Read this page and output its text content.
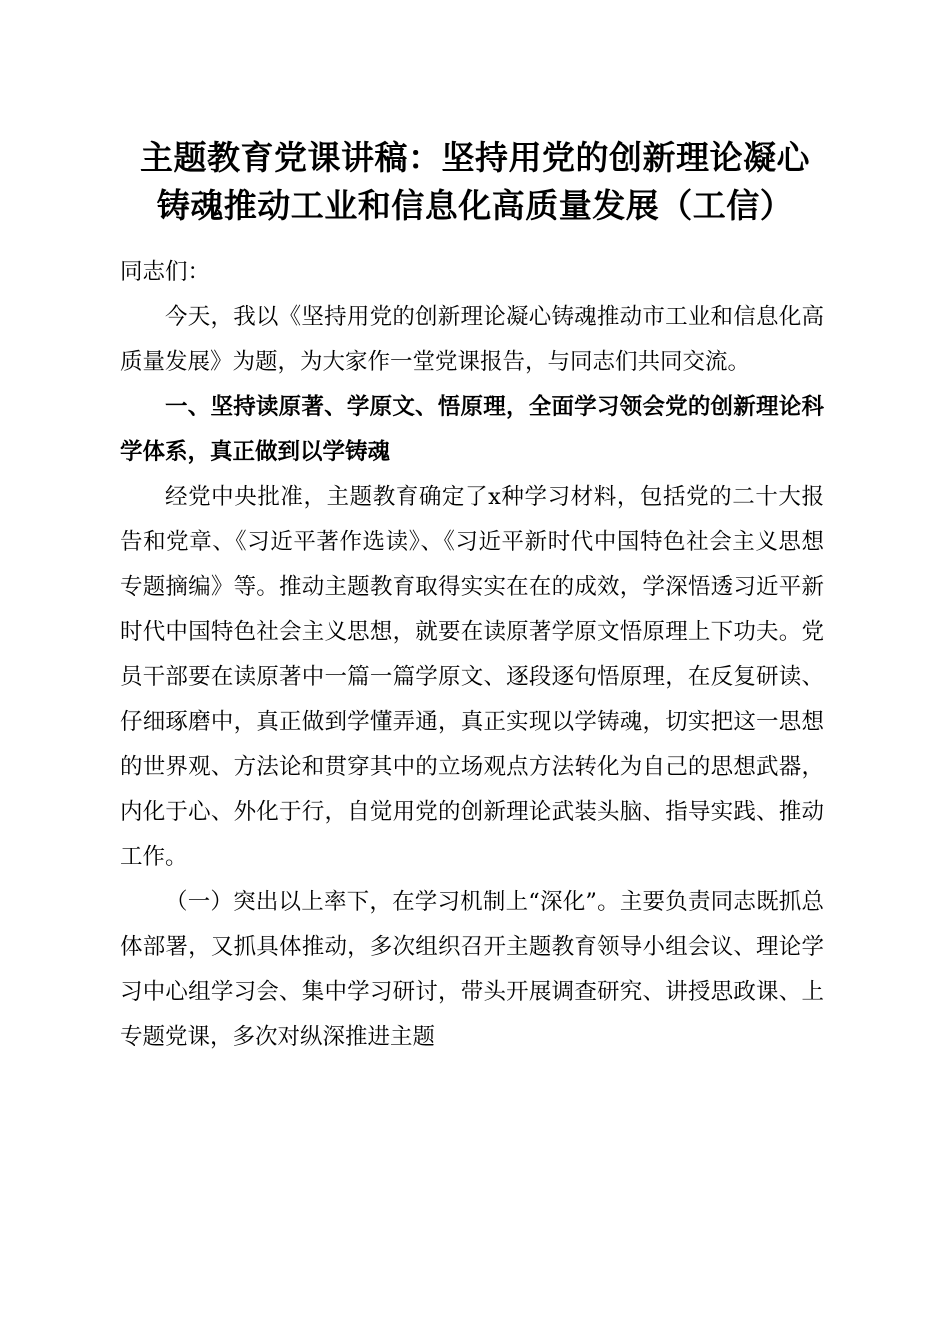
主题教育党课讲稿：坚持用党的创新理论凝心
铸魂推动工业和信息化高质量发展（工信）

同志们：

今天，我以《坚持用党的创新理论凝心铸魂推动市工业和信息化高质量发展》为题，为大家作一堂党课报告，与同志们共同交流。

一、坚持读原著、学原文、悟原理，全面学习领会党的创新理论科学体系，真正做到以学铸魂

经党中央批准，主题教育确定了x种学习材料，包括党的二十大报告和党章、《习近平著作选读》、《习近平新时代中国特色社会主义思想专题摘编》等。推动主题教育取得实实在在的成效，学深悟透习近平新时代中国特色社会主义思想，就要在读原著学原文悟原理上下功夫。党员干部要在读原著中一篇一篇学原文、逐段逐句悟原理，在反复研读、仔细琢磨中，真正做到学懂弄通，真正实现以学铸魂，切实把这一思想的世界观、方法论和贯穿其中的立场观点方法转化为自己的思想武器，内化于心、外化于行，自觉用党的创新理论武装头脑、指导实践、推动工作。

（一）突出以上率下，在学习机制上“深化”。主要负责同志既抓总体部署，又抓具体推动，多次组织召开主题教育领导小组会议、理论学习中心组学习会、集中学习研讨，带头开展调查研究、讲授思政课、上专题党课，多次对纵深推进主题
